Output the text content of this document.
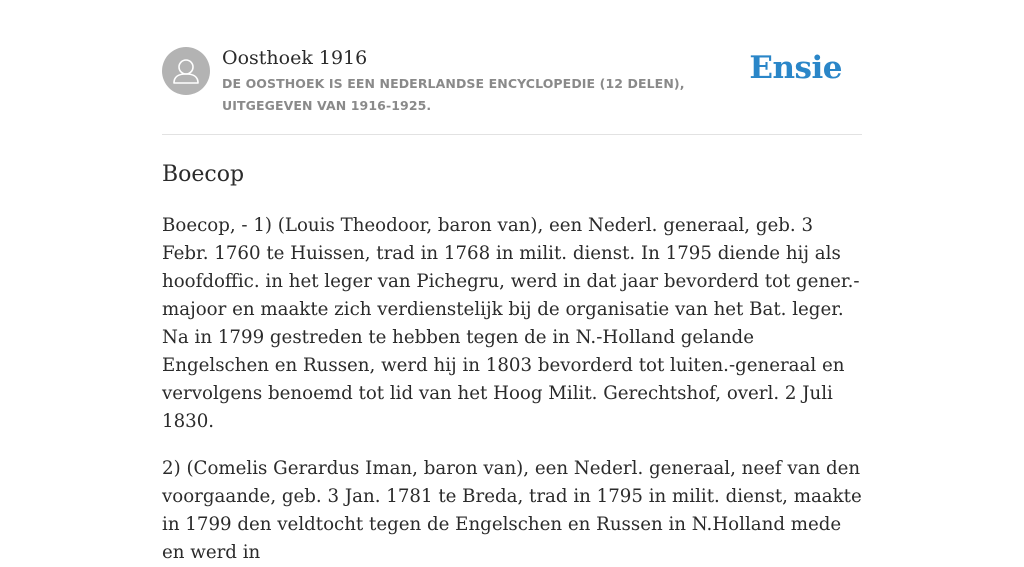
Oosthoek 1916
DE OOSTHOEK IS EEN NEDERLANDSE ENCYCLOPEDIE (12 DELEN), UITGEGEVEN VAN 1916-1925.
Ensie
Boecop

Boecop, - 1) (Louis Theodoor, baron van), een Nederl. generaal, geb. 3 Febr. 1760 te Huissen, trad in 1768 in milit. dienst. In 1795 diende hij als hoofdoffic. in het leger van Pichegru, werd in dat jaar bevorderd tot gener.-majoor en maakte zich verdienstelijk bij de organisatie van het Bat. leger. Na in 1799 gestreden te hebben tegen de in N.-Holland gelande Engelschen en Russen, werd hij in 1803 bevorderd tot luiten.-generaal en vervolgens benoemd tot lid van het Hoog Milit. Gerechtshof, overl. 2 Juli 1830.

2) (Comelis Gerardus Iman, baron van), een Nederl. generaal, neef van den voorgaande, geb. 3 Jan. 1781 te Breda, trad in 1795 in milit. dienst, maakte in 1799 den veldtocht tegen de Engelschen en Russen in N.Holland mede en werd in
